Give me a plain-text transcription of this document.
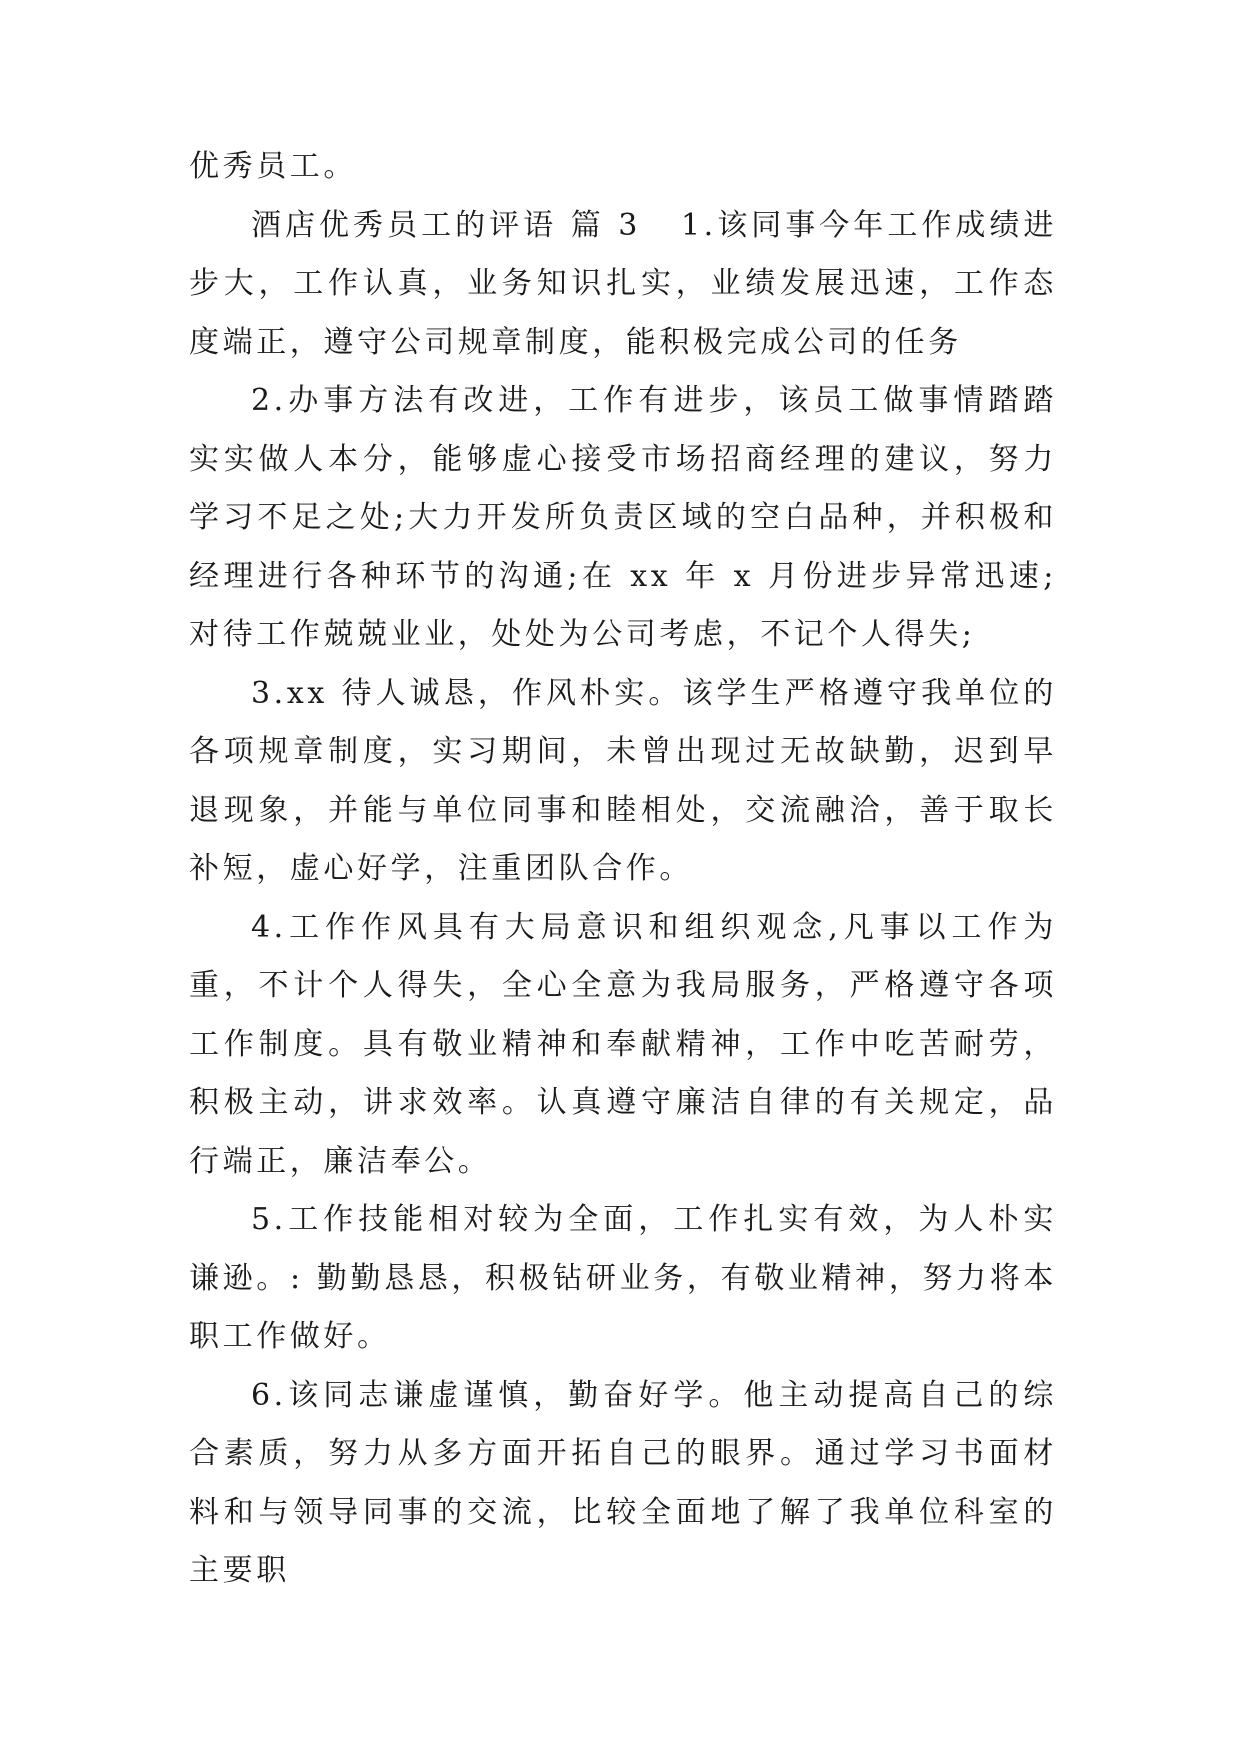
优秀员工。

酒店优秀员工的评语 篇 3 1.该同事今年工作成绩进步大，工作认真，业务知识扎实，业绩发展迅速，工作态度端正，遵守公司规章制度，能积极完成公司的任务

2.办事方法有改进，工作有进步，该员工做事情踏踏实实做人本分，能够虚心接受市场招商经理的建议，努力学习不足之处;大力开发所负责区域的空白品种，并积极和经理进行各种环节的沟通;在 xx 年 x 月份进步异常迅速;对待工作兢兢业业，处处为公司考虑，不记个人得失;

3.xx 待人诚恳，作风朴实。该学生严格遵守我单位的各项规章制度，实习期间，未曾出现过无故缺勤，迟到早退现象，并能与单位同事和睦相处，交流融洽，善于取长补短，虚心好学，注重团队合作。

4.工作作风具有大局意识和组织观念,凡事以工作为重，不计个人得失，全心全意为我局服务，严格遵守各项工作制度。具有敬业精神和奉献精神，工作中吃苦耐劳，积极主动，讲求效率。认真遵守廉洁自律的有关规定，品行端正，廉洁奉公。

5.工作技能相对较为全面，工作扎实有效，为人朴实谦逊。: 勤勤恳恳，积极钻研业务，有敬业精神，努力将本职工作做好。

6.该同志谦虚谨慎，勤奋好学。他主动提高自己的综合素质，努力从多方面开拓自己的眼界。通过学习书面材料和与领导同事的交流，比较全面地了解了我单位科室的主要职
